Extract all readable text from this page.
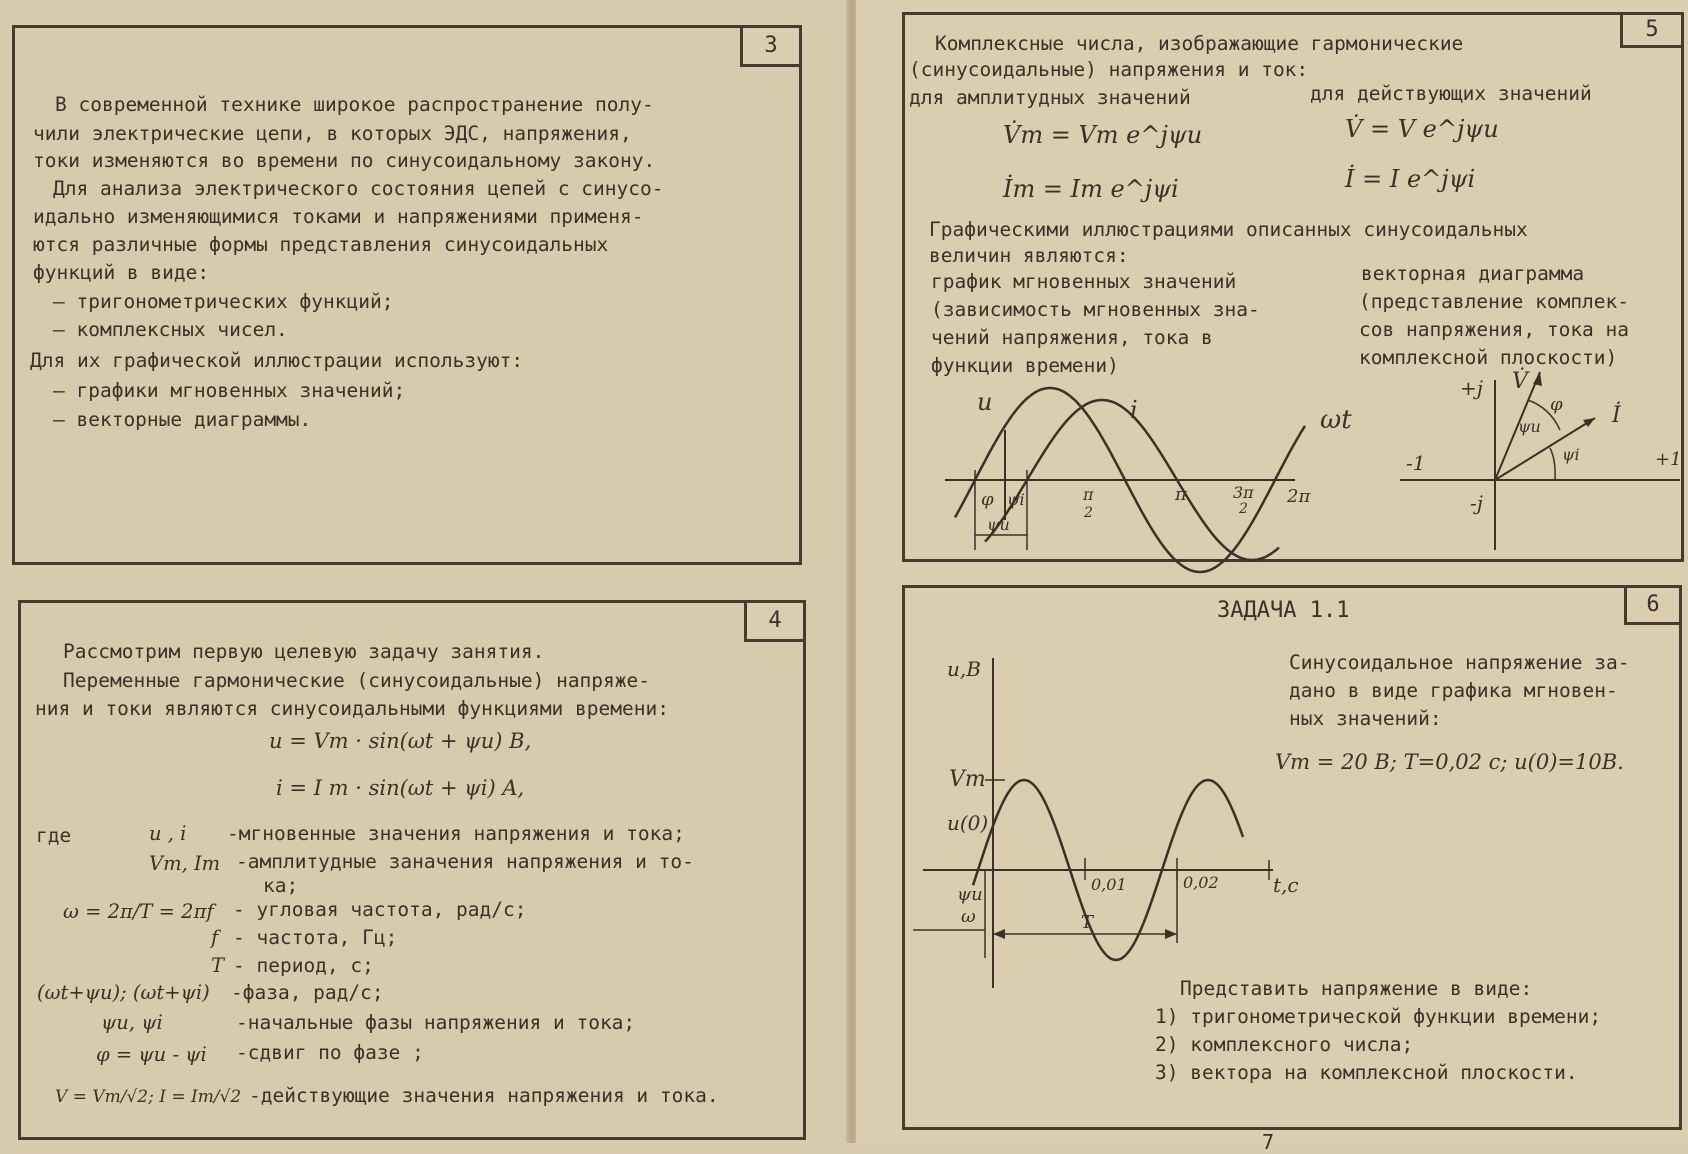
3
В современной технике широкое распространение полу-
чили электрические цепи, в которых ЭДС, напряжения,
токи изменяются во времени по синусоидальному закону.
Для анализа электрического состояния цепей с синусо-
идально изменяющимися токами и напряжениями применя-
ются различные формы представления синусоидальных
функций в виде:
– тригонометрических функций;
– комплексных чисел.
Для их графической иллюстрации используют:
– графики мгновенных значений;
– векторные диаграммы.
4
Рассмотрим первую целевую задачу занятия.
Переменные гармонические (синусоидальные) напряже-
ния и токи являются синусоидальными функциями времени:
u = Vm · sin(ωt + ψu) В,
i = I m · sin(ωt + ψi) A,
где	u , i -мгновенные значения напряжения и тока;
Vm, Im -амплитудные заначения напряжения и то-
ка;
ω = 2π/T = 2πf - угловая частота, рад/с;
f - частота, Гц;
T - период, с;
(ωt+ψu); (ωt+ψi) -фаза, рад/с;
ψu, ψi	-начальные фазы напряжения и тока;
φ = ψu - ψi -сдвиг по фазе ;
V = Vm/√2; I = Im/√2 -действующие значения напряжения и тока.
5
Комплексные числа, изображающие гармонические
(синусоидальные) напряжения и ток:
для амплитудных значений	для действующих значений
V̇m = Vm e^jψu
İm = Im e^jψi
V̇ = V e^jψu
İ = I e^jψi
Графическими иллюстрациями описанных синусоидальных
величин являются:
график мгновенных значений
(зависимость мгновенных зна-
чений напряжения, тока в
функции времени)
векторная диаграмма
(представление комплек-
сов напряжения, тока на
комплексной плоскости)
u	i	ωt
φ ψi
ψu
π
2
π	3π
2
2π
+j
-j
-1	+1
V̇
İ
φ
ψu
ψi
6
ЗАДАЧА 1.1
Синусоидальное напряжение за-
дано в виде графика мгновен-
ных значений:
Vm = 20 B; T=0,02 c; u(0)=10B.
u,B
Vm
u(0)
ψu
ω
0,01	0,02	t,c
T
Представить напряжение в виде:
1) тригонометрической функции времени;
2) комплексного числа;
3) вектора на комплексной плоскости.
7
